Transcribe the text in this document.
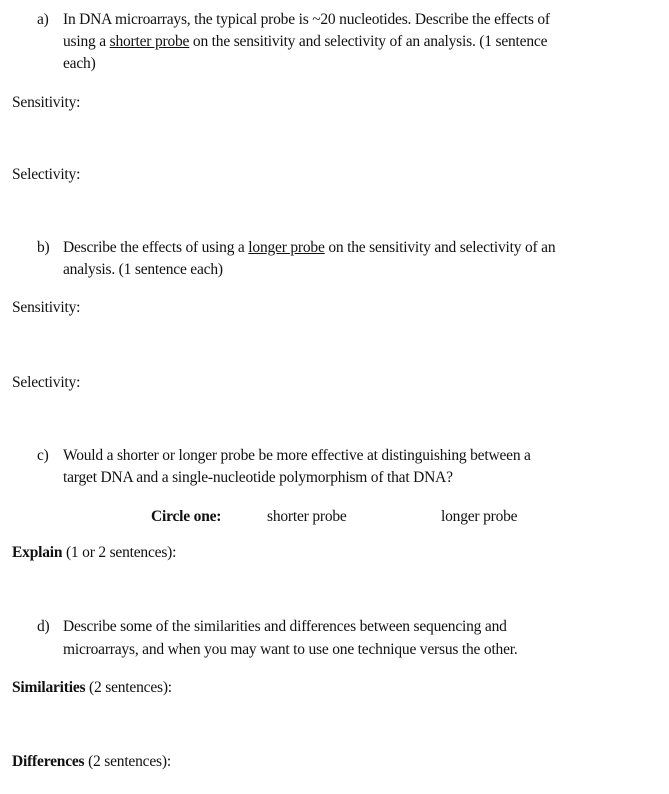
a) In DNA microarrays, the typical probe is ~20 nucleotides. Describe the effects of
using a shorter probe on the sensitivity and selectivity of an analysis. (1 sentence
each)
Sensitivity:
Selectivity:
b) Describe the effects of using a longer probe on the sensitivity and selectivity of an
analysis. (1 sentence each)
Sensitivity:
Selectivity:
c) Would a shorter or longer probe be more effective at distinguishing between a
target DNA and a single-nucleotide polymorphism of that DNA?
Circle one:	shorter probe	longer probe
Explain (1 or 2 sentences):
d) Describe some of the similarities and differences between sequencing and
microarrays, and when you may want to use one technique versus the other.
Similarities (2 sentences):
Differences (2 sentences):
